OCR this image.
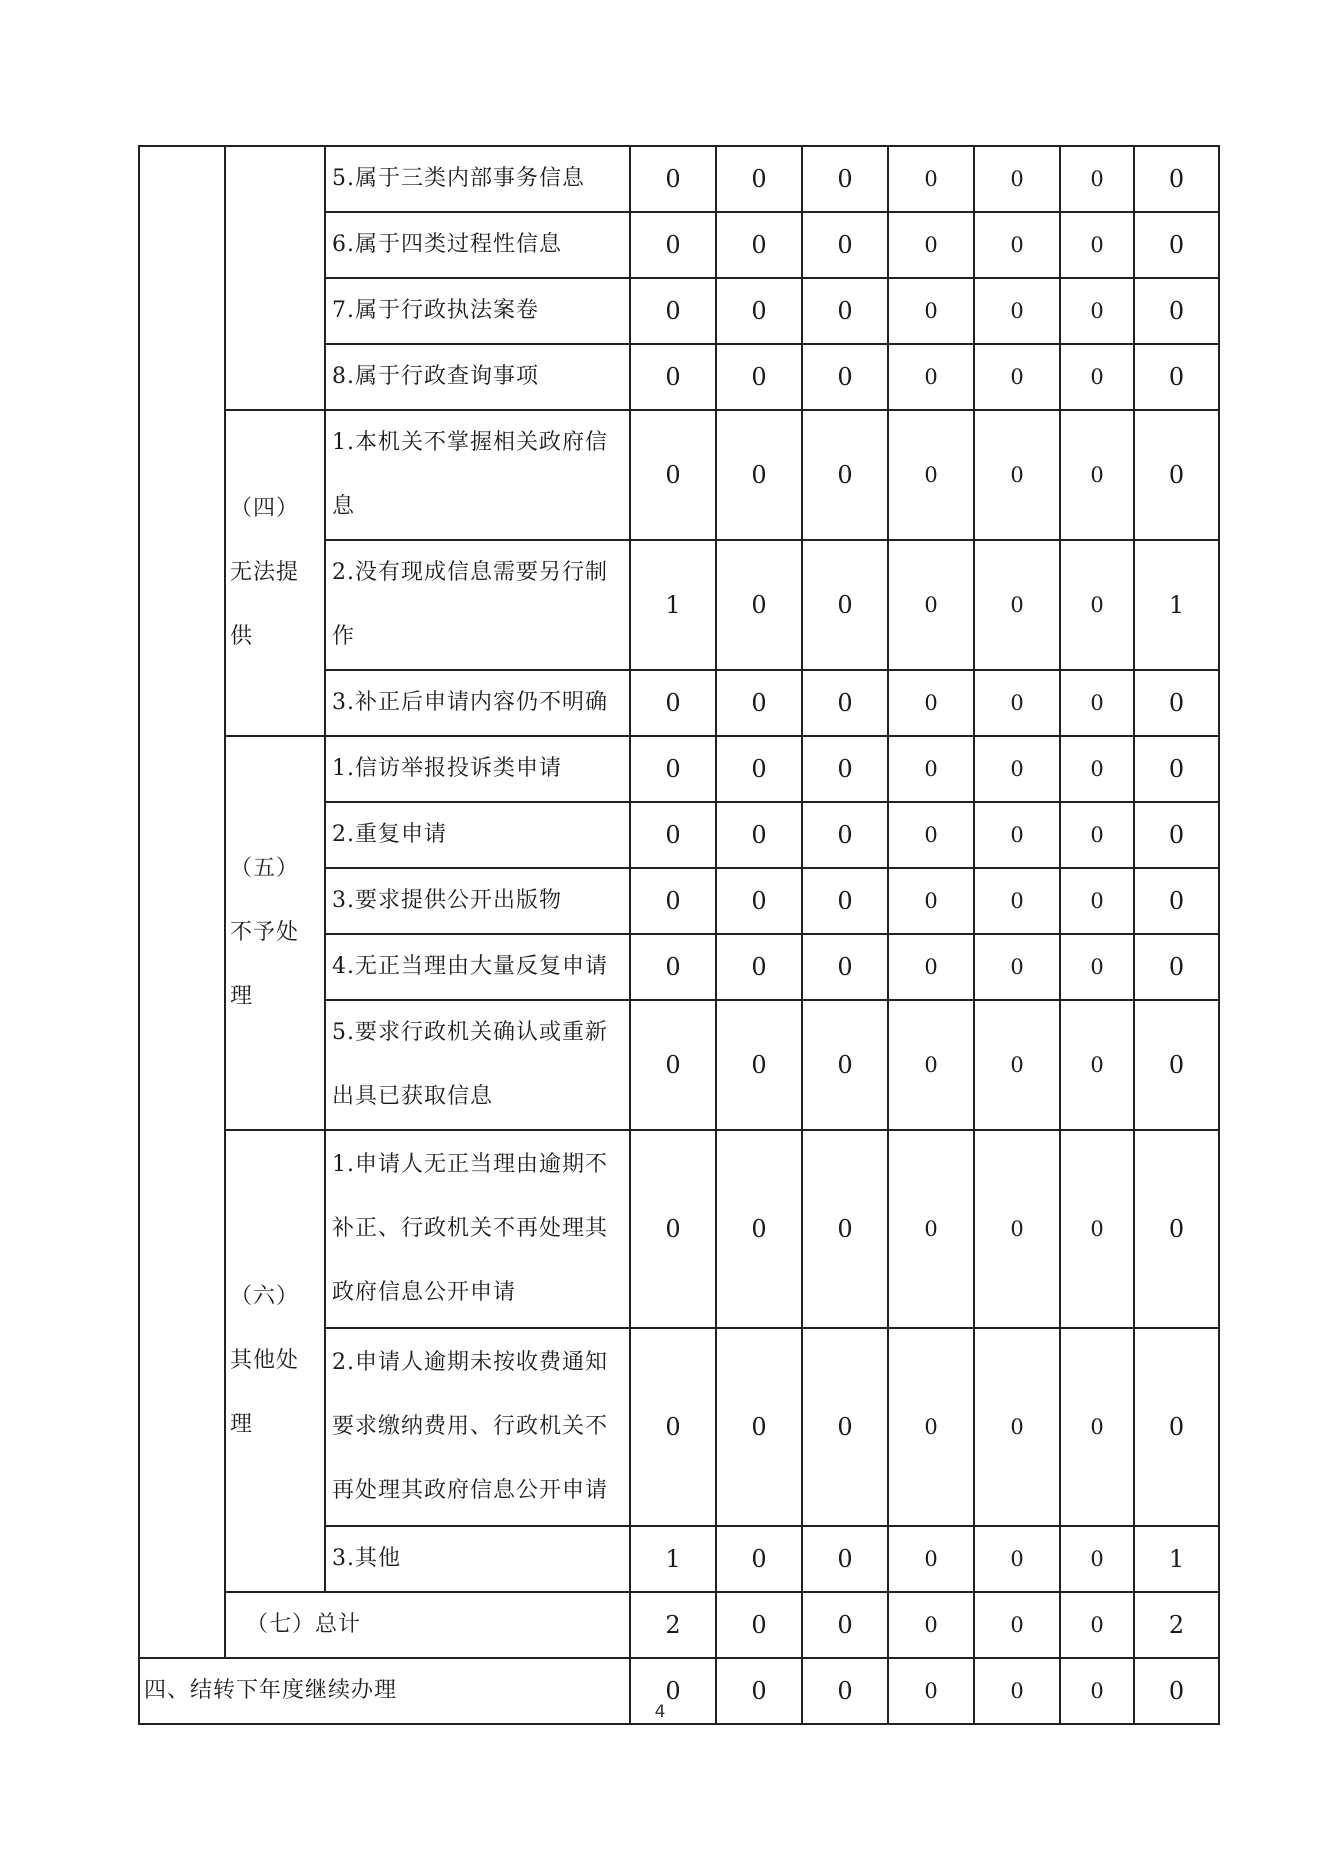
		5.属于三类内部事务信息	0	0	0	0	0	0	0
		6.属于四类过程性信息	0	0	0	0	0	0	0
		7.属于行政执法案卷	0	0	0	0	0	0	0
		8.属于行政查询事项	0	0	0	0	0	0	0
	（四）无法提供	1.本机关不掌握相关政府信息	0	0	0	0	0	0	0
		2.没有现成信息需要另行制作	1	0	0	0	0	0	1
		3.补正后申请内容仍不明确	0	0	0	0	0	0	0
	（五）不予处理	1.信访举报投诉类申请	0	0	0	0	0	0	0
		2.重复申请	0	0	0	0	0	0	0
		3.要求提供公开出版物	0	0	0	0	0	0	0
		4.无正当理由大量反复申请	0	0	0	0	0	0	0
		5.要求行政机关确认或重新出具已获取信息	0	0	0	0	0	0	0
	（六）其他处理	1.申请人无正当理由逾期不补正、行政机关不再处理其政府信息公开申请	0	0	0	0	0	0	0
		2.申请人逾期未按收费通知要求缴纳费用、行政机关不再处理其政府信息公开申请	0	0	0	0	0	0	0
		3.其他	1	0	0	0	0	0	1
	（七）总计		2	0	0	0	0	0	2
四、结转下年度继续办理			0	0	0	0	0	0	0
4
